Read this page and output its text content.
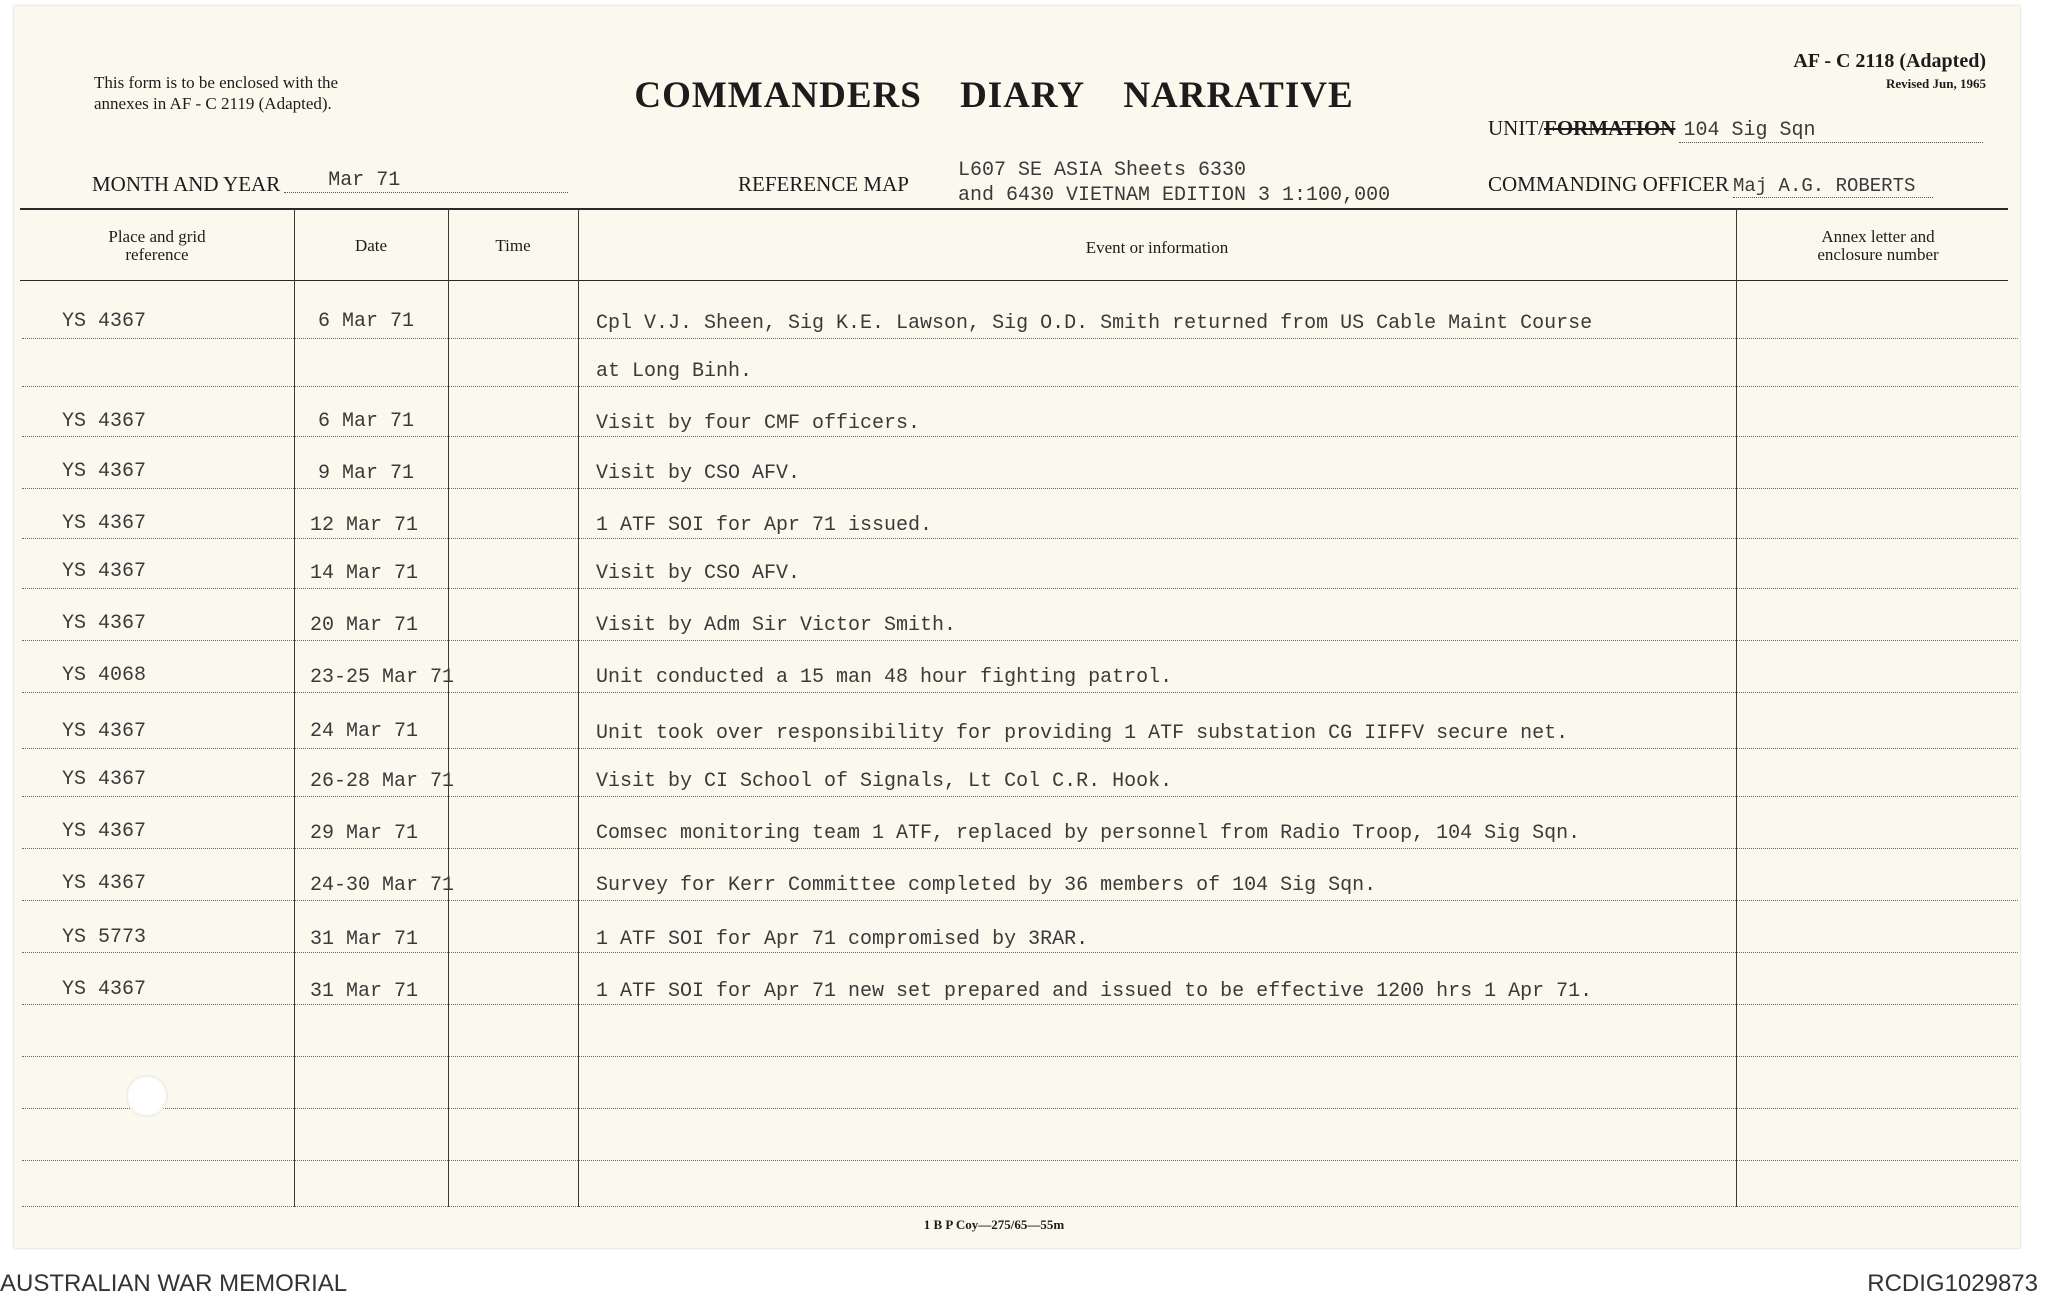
This form is to be enclosed with the
annexes in AF - C 2119 (Adapted).	COMMANDERS DIARY NARRATIVE
AF - C 2118 (Adapted)
Revised Jun, 1965
UNIT/FORMATION 104 Sig Sqn
MONTH AND YEAR Mar 71	REFERENCE MAP
L607 SE ASIA Sheets 6330
and 6430 VIETNAM EDITION 3 1:100,000	COMMANDING OFFICER Maj A.G. ROBERTS
Place and grid
reference	Date	Time	Event or information
Annex letter and
enclosure number
YS 4367	6 Mar 71	Cpl V.J. Sheen, Sig K.E. Lawson, Sig O.D. Smith returned from US Cable Maint Course
at Long Binh.
YS 4367	6 Mar 71	Visit by four CMF officers.
YS 4367	9 Mar 71	Visit by CSO AFV.
YS 4367	12 Mar 71	1 ATF SOI for Apr 71 issued.
YS 4367	14 Mar 71	Visit by CSO AFV.
YS 4367	20 Mar 71	Visit by Adm Sir Victor Smith.
YS 4068	23-25 Mar 71	Unit conducted a 15 man 48 hour fighting patrol.
YS 4367	24 Mar 71	Unit took over responsibility for providing 1 ATF substation CG IIFFV secure net.
YS 4367	26-28 Mar 71	Visit by CI School of Signals, Lt Col C.R. Hook.
YS 4367	29 Mar 71	Comsec monitoring team 1 ATF, replaced by personnel from Radio Troop, 104 Sig Sqn.
YS 4367	24-30 Mar 71	Survey for Kerr Committee completed by 36 members of 104 Sig Sqn.
YS 5773	31 Mar 71	1 ATF SOI for Apr 71 compromised by 3RAR.
YS 4367	31 Mar 71	1 ATF SOI for Apr 71 new set prepared and issued to be effective 1200 hrs 1 Apr 71.
1 B P Coy—275/65—55m
AUSTRALIAN WAR MEMORIAL	RCDIG1029873
